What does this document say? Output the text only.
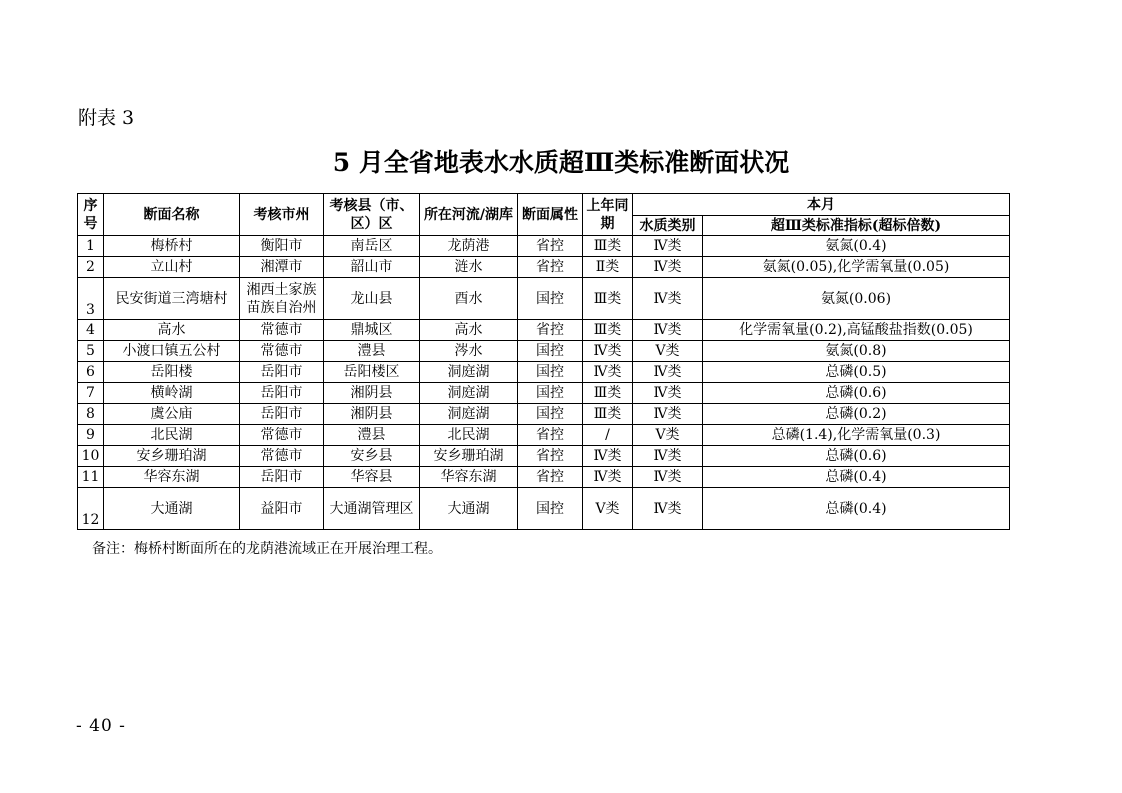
附表 3
5 月全省地表水水质超Ⅲ类标准断面状况
序号	断面名称	考核市州	考核县（市、区）区	所在河流/湖库	断面属性	上年同期	本月	
							水质类别	超Ⅲ类标准指标(超标倍数)
1	梅桥村	衡阳市	南岳区	龙荫港	省控	Ⅲ类	Ⅳ类	氨氮(0.4)
2	立山村	湘潭市	韶山市	涟水	省控	Ⅱ类	Ⅳ类	氨氮(0.05),化学需氧量(0.05)
3	民安街道三湾塘村	湘西土家族苗族自治州	龙山县	酉水	国控	Ⅲ类	Ⅳ类	氨氮(0.06)
4	高水	常德市	鼎城区	高水	省控	Ⅲ类	Ⅳ类	化学需氧量(0.2),高锰酸盐指数(0.05)
5	小渡口镇五公村	常德市	澧县	涔水	国控	Ⅳ类	Ⅴ类	氨氮(0.8)
6	岳阳楼	岳阳市	岳阳楼区	洞庭湖	国控	Ⅳ类	Ⅳ类	总磷(0.5)
7	横岭湖	岳阳市	湘阴县	洞庭湖	国控	Ⅲ类	Ⅳ类	总磷(0.6)
8	虞公庙	岳阳市	湘阴县	洞庭湖	国控	Ⅲ类	Ⅳ类	总磷(0.2)
9	北民湖	常德市	澧县	北民湖	省控	/	Ⅴ类	总磷(1.4),化学需氧量(0.3)
10	安乡珊珀湖	常德市	安乡县	安乡珊珀湖	省控	Ⅳ类	Ⅳ类	总磷(0.6)
11	华容东湖	岳阳市	华容县	华容东湖	省控	Ⅳ类	Ⅳ类	总磷(0.4)
12	大通湖	益阳市	大通湖管理区	大通湖	国控	Ⅴ类	Ⅳ类	总磷(0.4)
备注：梅桥村断面所在的龙荫港流域正在开展治理工程。
- 40 -
